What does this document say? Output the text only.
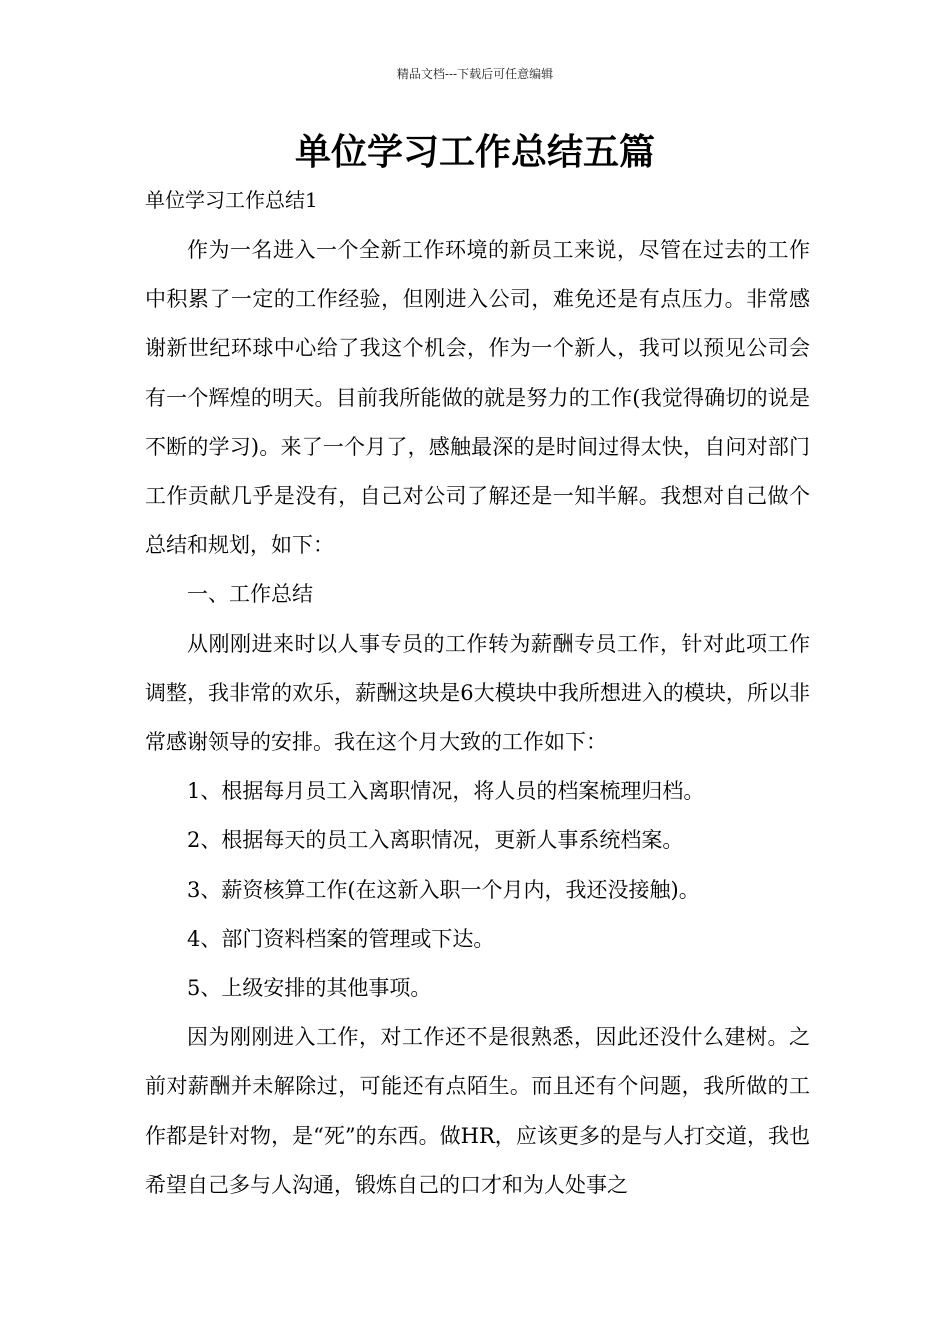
精品文档---下载后可任意编辑
单位学习工作总结五篇
单位学习工作总结1

作为一名进入一个全新工作环境的新员工来说，尽管在过去的工作中积累了一定的工作经验，但刚进入公司，难免还是有点压力。非常感谢新世纪环球中心给了我这个机会，作为一个新人，我可以预见公司会有一个辉煌的明天。目前我所能做的就是努力的工作(我觉得确切的说是不断的学习)。来了一个月了，感触最深的是时间过得太快，自问对部门工作贡献几乎是没有，自己对公司了解还是一知半解。我想对自己做个总结和规划，如下：

一、工作总结

从刚刚进来时以人事专员的工作转为薪酬专员工作，针对此项工作调整，我非常的欢乐，薪酬这块是6大模块中我所想进入的模块，所以非常感谢领导的安排。我在这个月大致的工作如下：

1、根据每月员工入离职情况，将人员的档案梳理归档。

2、根据每天的员工入离职情况，更新人事系统档案。

3、薪资核算工作(在这新入职一个月内，我还没接触)。

4、部门资料档案的管理或下达。

5、上级安排的其他事项。

因为刚刚进入工作，对工作还不是很熟悉，因此还没什么建树。之前对薪酬并未解除过，可能还有点陌生。而且还有个问题，我所做的工作都是针对物，是“死”的东西。做HR，应该更多的是与人打交道，我也希望自己多与人沟通，锻炼自己的口才和为人处事之
